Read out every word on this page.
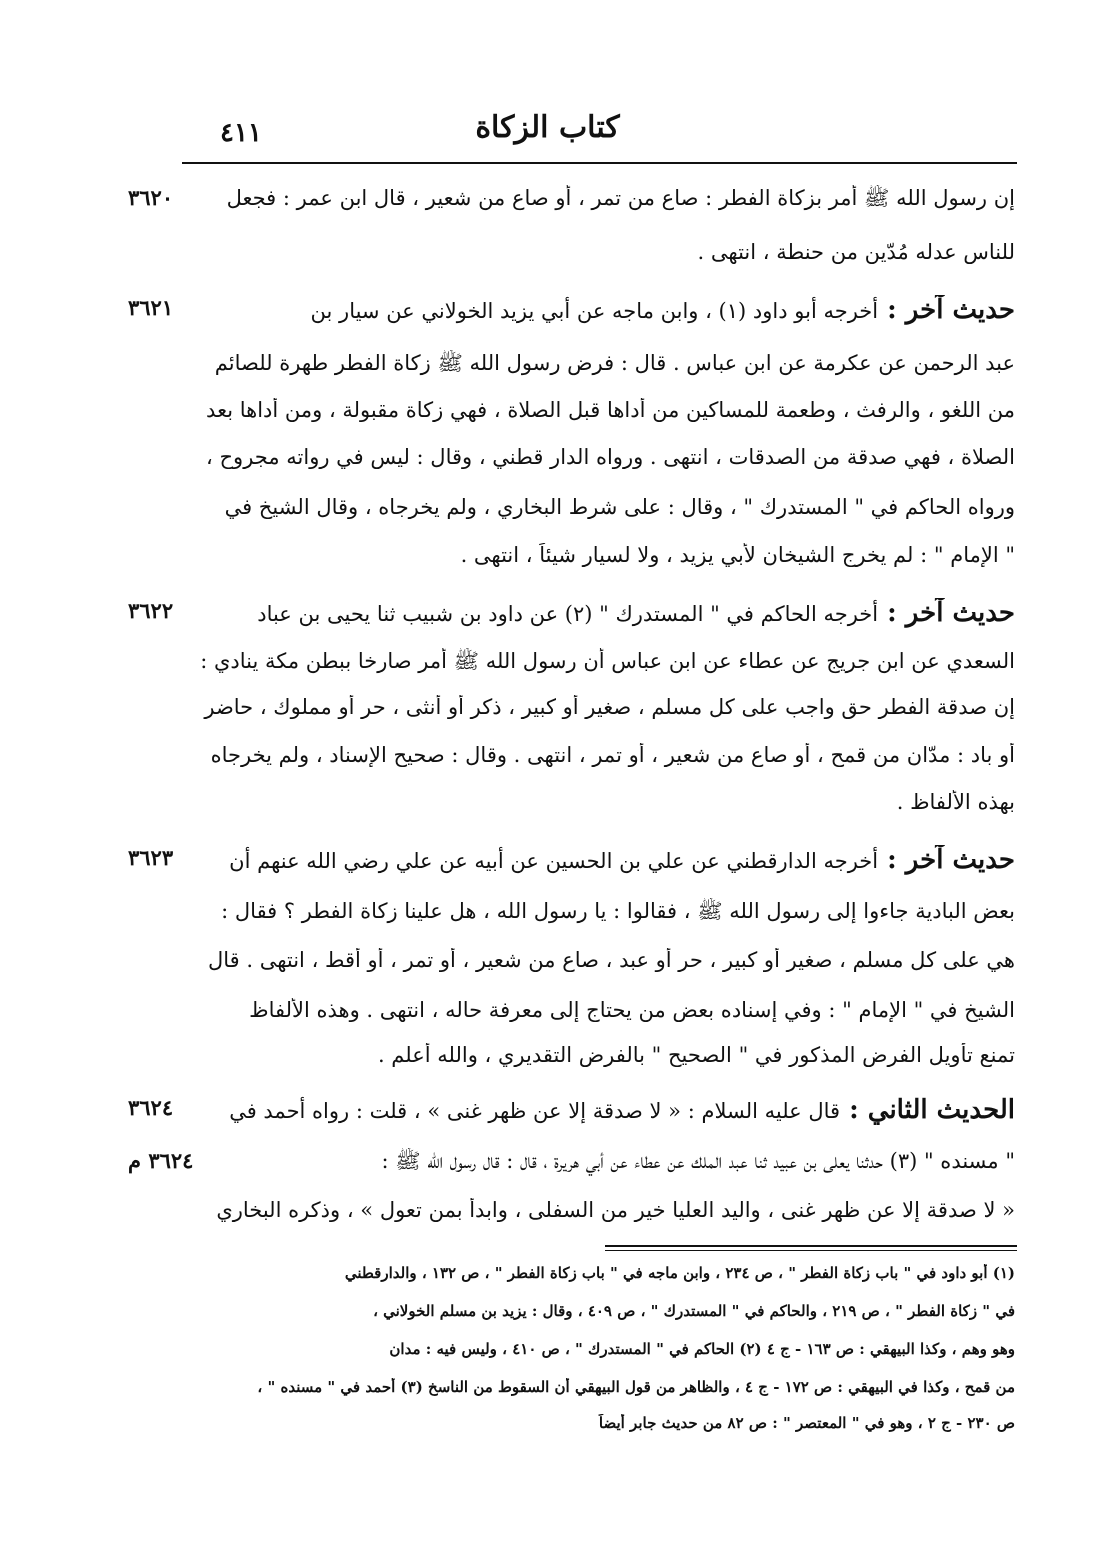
كتاب الزكاة
٤١١
إن رسول الله ﷺ أمر بزكاة الفطر : صاع من تمر ، أو صاع من شعير ، قال ابن عمر : فجعل
٣٦٢٠
للناس عدله مُدّين من حنطة ، انتهى .
حديث آخر : أخرجه أبو داود (١) ، وابن ماجه عن أبي يزيد الخولاني عن سيار بن
٣٦٢١
عبد الرحمن عن عكرمة عن ابن عباس . قال : فرض رسول الله ﷺ زكاة الفطر طهرة للصائم
من اللغو ، والرفث ، وطعمة للمساكين من أداها قبل الصلاة ، فهي زكاة مقبولة ، ومن أداها بعد
الصلاة ، فهي صدقة من الصدقات ، انتهى . ورواه الدار قطني ، وقال : ليس في رواته مجروح ،
ورواه الحاكم في " المستدرك " ، وقال : على شرط البخاري ، ولم يخرجاه ، وقال الشيخ في
" الإمام " : لم يخرج الشيخان لأبي يزيد ، ولا لسيار شيئاً ، انتهى .
حديث آخر : أخرجه الحاكم في " المستدرك " (٢) عن داود بن شبيب ثنا يحيى بن عباد
٣٦٢٢
السعدي عن ابن جريج عن عطاء عن ابن عباس أن رسول الله ﷺ أمر صارخا ببطن مكة ينادي :
إن صدقة الفطر حق واجب على كل مسلم ، صغير أو كبير ، ذكر أو أنثى ، حر أو مملوك ، حاضر
أو باد : مدّان من قمح ، أو صاع من شعير ، أو تمر ، انتهى . وقال : صحيح الإسناد ، ولم يخرجاه
بهذه الألفاظ .
حديث آخر : أخرجه الدارقطني عن علي بن الحسين عن أبيه عن علي رضي الله عنهم أن
٣٦٢٣
بعض البادية جاءوا إلى رسول الله ﷺ ، فقالوا : يا رسول الله ، هل علينا زكاة الفطر ؟ فقال :
هي على كل مسلم ، صغير أو كبير ، حر أو عبد ، صاع من شعير ، أو تمر ، أو أقط ، انتهى . قال
الشيخ في " الإمام " : وفي إسناده بعض من يحتاج إلى معرفة حاله ، انتهى . وهذه الألفاظ
تمنع تأويل الفرض المذكور في " الصحيح " بالفرض التقديري ، والله أعلم .
الحديث الثاني : قال عليه السلام : « لا صدقة إلا عن ظهر غنى » ، قلت : رواه أحمد في
٣٦٢٤
" مسنده " (٣) حدثنا يعلى بن عبيد ثنا عبد الملك عن عطاء عن أبي هريرة ، قال : قال رسول الله ﷺ :
٣٦٢٤ م
« لا صدقة إلا عن ظهر غنى ، واليد العليا خير من السفلى ، وابدأ بمن تعول » ، وذكره البخاري
(١) أبو داود في " باب زكاة الفطر " ، ص ٢٣٤ ، وابن ماجه في " باب زكاة الفطر " ، ص ١٣٢ ، والدارقطني
في " زكاة الفطر " ، ص ٢١٩ ، والحاكم في " المستدرك " ، ص ٤٠٩ ، وقال : يزيد بن مسلم الخولاني ،
وهو وهم ، وكذا البيهقي : ص ١٦٣ - ج ٤ (٢) الحاكم في " المستدرك " ، ص ٤١٠ ، وليس فيه : مدان
من قمح ، وكذا في البيهقي : ص ١٧٢ - ج ٤ ، والظاهر من قول البيهقي أن السقوط من الناسخ (٣) أحمد في " مسنده " ،
ص ٢٣٠ - ج ٢ ، وهو في " المعتصر " : ص ٨٢ من حديث جابر أيضاً
